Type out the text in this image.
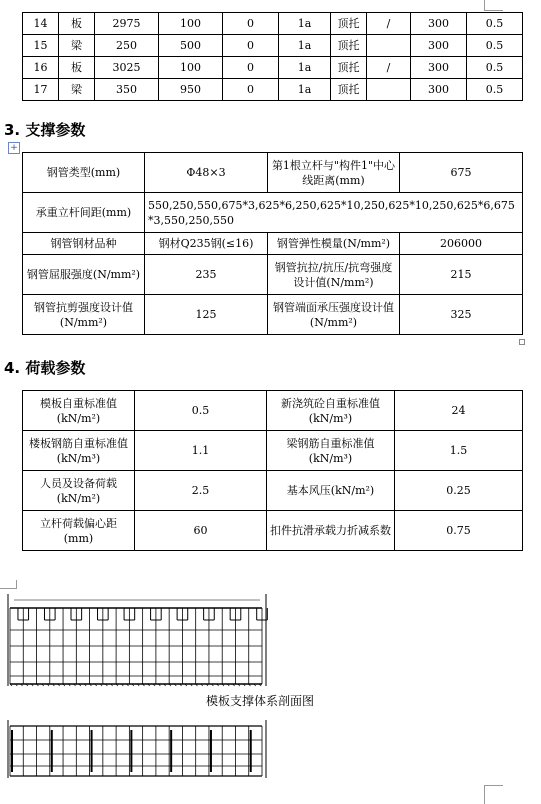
14	板	2975	100	0	1a	顶托	/	300	0.5
15	梁	250	500	0	1a	顶托		300	0.5
16	板	3025	100	0	1a	顶托	/	300	0.5
17	梁	350	950	0	1a	顶托		300	0.5
3. 支撑参数
+
钢管类型(mm)	Φ48×3	第1根立杆与"构件1"中心线距离(mm)	675
承重立杆间距(mm)	550,250,550,675*3,625*6,250,625*10,250,625*10,250,625*6,675*3,550,250,550		
钢管钢材品种	钢材Q235钢(≤16)	钢管弹性模量(N/mm²)	206000
钢管屈服强度(N/mm²)	235	钢管抗拉/抗压/抗弯强度设计值(N/mm²)	215
钢管抗剪强度设计值(N/mm²)	125	钢管端面承压强度设计值(N/mm²)	325
4. 荷载参数
模板自重标准值(kN/m²)	0.5	新浇筑砼自重标准值(kN/m³)	24
楼板钢筋自重标准值(kN/m³)	1.1	梁钢筋自重标准值(kN/m³)	1.5
人员及设备荷载(kN/m²)	2.5	基本风压(kN/m²)	0.25
立杆荷载偏心距(mm)	60	扣件抗滑承载力折减系数	0.75
模板支撑体系剖面图
